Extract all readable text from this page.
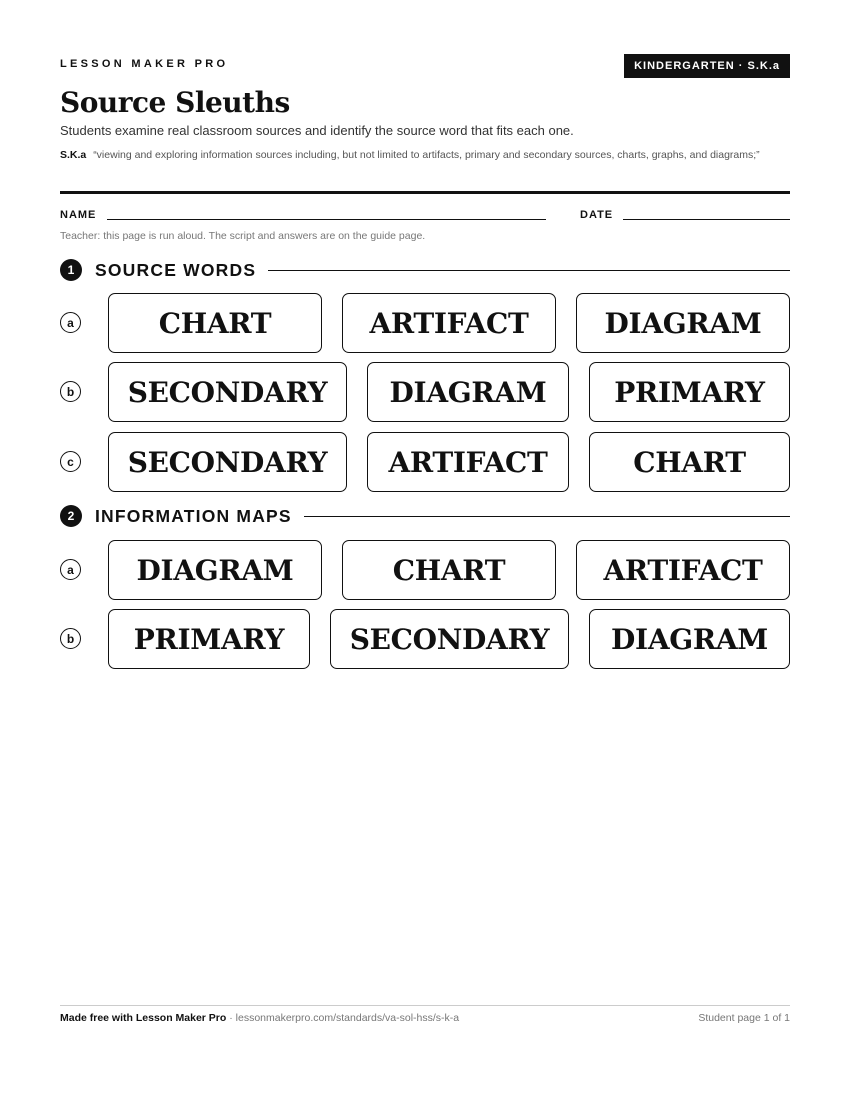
LESSON MAKER PRO	KINDERGARTEN · S.K.a
Source Sleuths
Students examine real classroom sources and identify the source word that fits each one.
S.K.a “viewing and exploring information sources including, but not limited to artifacts, primary and secondary sources, charts, graphs, and diagrams;”
NAME	DATE
Teacher: this page is run aloud. The script and answers are on the guide page.
1	SOURCE WORDS
a	CHART	ARTIFACT	DIAGRAM
b	SECONDARY	DIAGRAM	PRIMARY
c	SECONDARY	ARTIFACT	CHART
2	INFORMATION MAPS
a	DIAGRAM	CHART	ARTIFACT
b	PRIMARY	SECONDARY	DIAGRAM
Made free with Lesson Maker Pro · lessonmakerpro.com/standards/va-sol-hss/s-k-a	Student page 1 of 1
